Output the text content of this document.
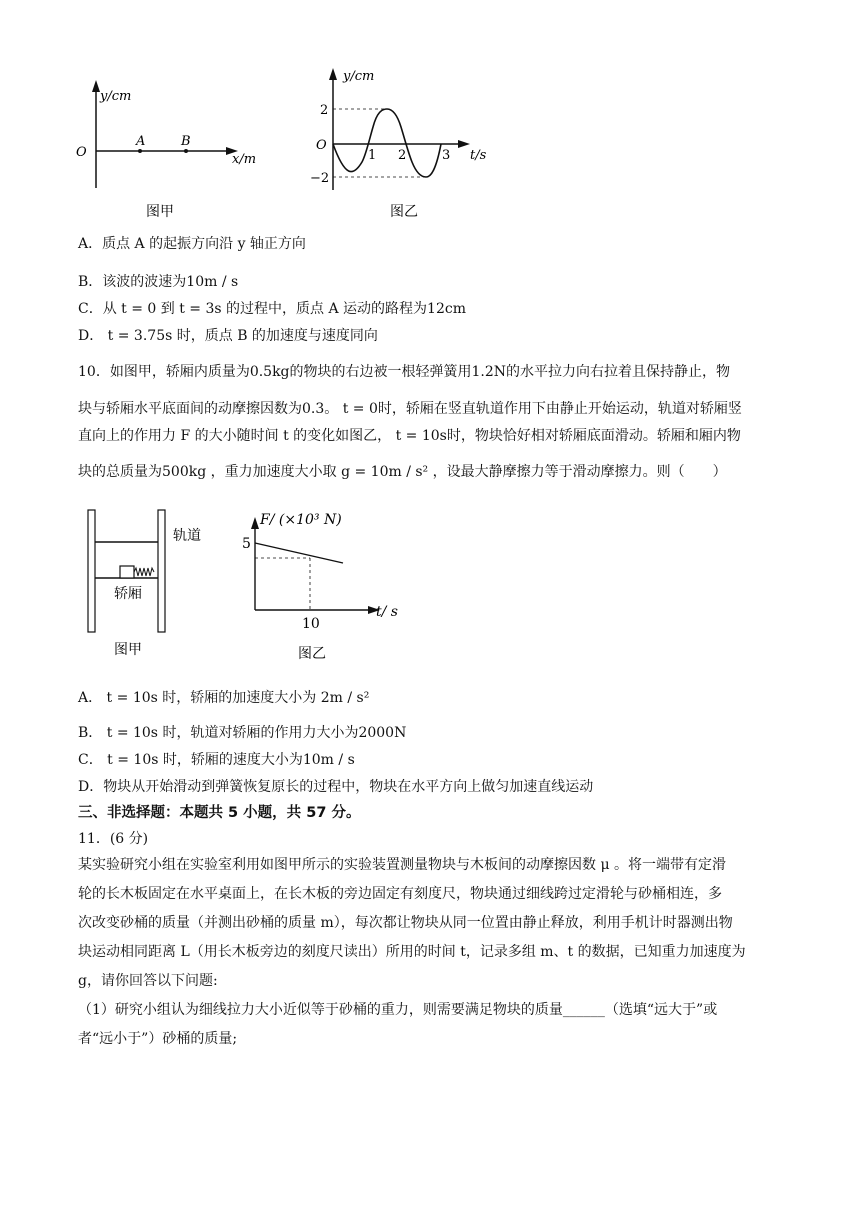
y/cm
O
A	B
x/m
图甲
y/cm
O
2
−2
1 2	3 t/s
图乙
A．质点 A 的起振方向沿 y 轴正方向
B．该波的波速为10m / s
C．从 t = 0 到 t = 3s 的过程中，质点 A 运动的路程为12cm
D． t = 3.75s 时，质点 B 的加速度与速度同向
10．如图甲，轿厢内质量为0.5kg的物块的右边被一根轻弹簧用1.2N的水平拉力向右拉着且保持静止，物
块与轿厢水平底面间的动摩擦因数为0.3。 t = 0时，轿厢在竖直轨道作用下由静止开始运动，轨道对轿厢竖
直向上的作用力 F 的大小随时间 t 的变化如图乙， t = 10s时，物块恰好相对轿厢底面滑动。轿厢和厢内物
块的总质量为500kg ，重力加速度大小取 g = 10m / s² ，设最大静摩擦力等于滑动摩擦力。则（　　）
轨道
轿厢
图甲
F/ (×10³ N)
5
10
t/ s
图乙
A． t = 10s 时，轿厢的加速度大小为 2m / s²
B． t = 10s 时，轨道对轿厢的作用力大小为2000N
C． t = 10s 时，轿厢的速度大小为10m / s
D．物块从开始滑动到弹簧恢复原长的过程中，物块在水平方向上做匀加速直线运动
三、非选择题：本题共 5 小题，共 57 分。
11．(6 分)
某实验研究小组在实验室利用如图甲所示的实验装置测量物块与木板间的动摩擦因数 μ 。将一端带有定滑
轮的长木板固定在水平桌面上，在长木板的旁边固定有刻度尺，物块通过细线跨过定滑轮与砂桶相连，多
次改变砂桶的质量（并测出砂桶的质量 m），每次都让物块从同一位置由静止释放，利用手机计时器测出物
块运动相同距离 L（用长木板旁边的刻度尺读出）所用的时间 t，记录多组 m、t 的数据，已知重力加速度为
g，请你回答以下问题:
（1）研究小组认为细线拉力大小近似等于砂桶的重力，则需要满足物块的质量______（选填“远大于”或
者“远小于”）砂桶的质量;
